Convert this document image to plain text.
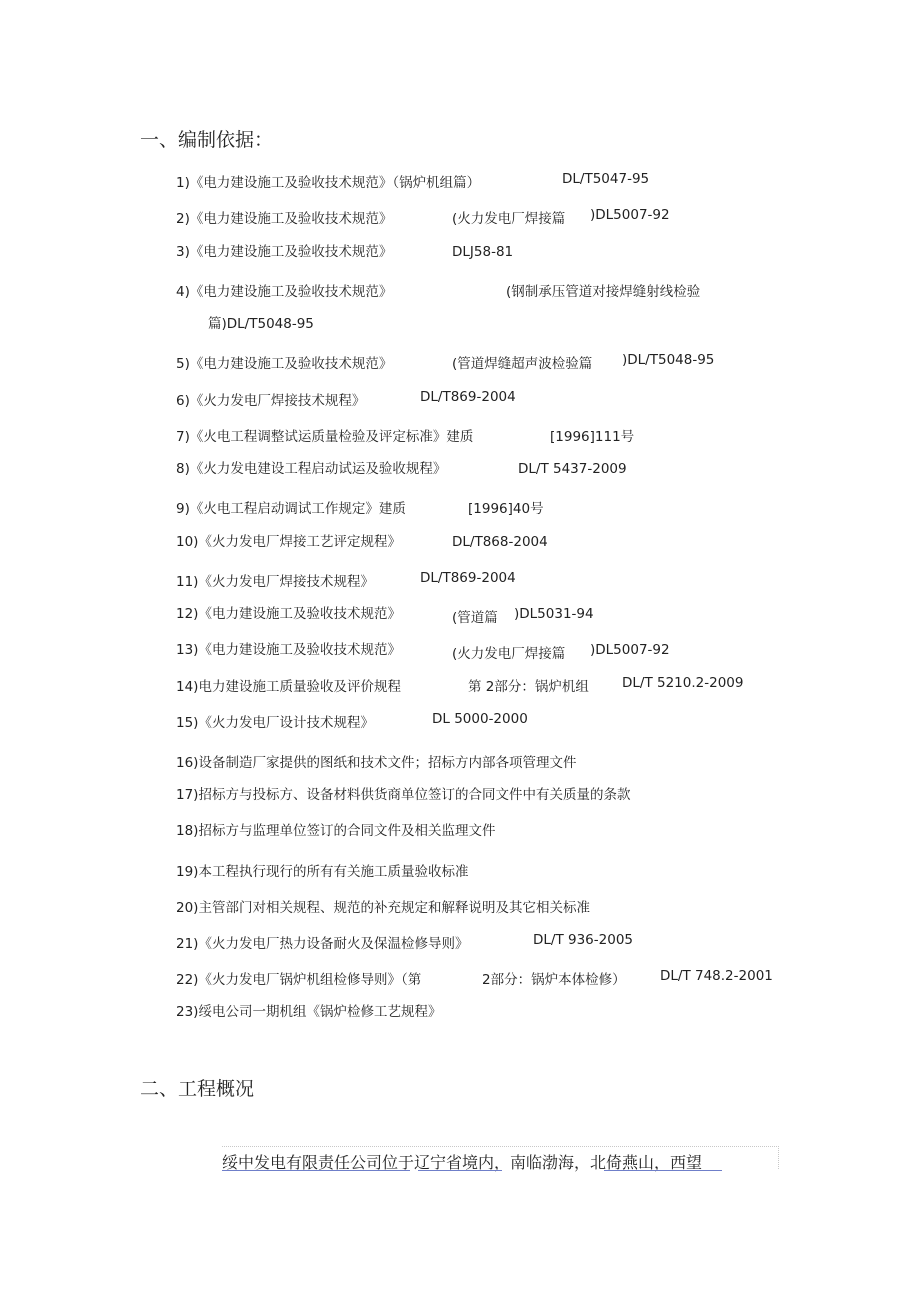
一、编制依据：
1)《电力建设施工及验收技术规范》（锅炉机组篇）	DL/T5047-95
2)《电力建设施工及验收技术规范》	(火力发电厂焊接篇 )DL5007-92
3)《电力建设施工及验收技术规范》	DLJ58-81
4)《电力建设施工及验收技术规范》	(钢制承压管道对接焊缝射线检验
篇)DL/T5048-95
5)《电力建设施工及验收技术规范》	(管道焊缝超声波检验篇 )DL/T5048-95
6)《火力发电厂焊接技术规程》	DL/T869-2004
7)《火电工程调整试运质量检验及评定标准》建质	[1996]111号
8)《火力发电建设工程启动试运及验收规程》	DL/T 5437-2009
9)《火电工程启动调试工作规定》建质	[1996]40号
10)《火力发电厂焊接工艺评定规程》	DL/T868-2004
11)《火力发电厂焊接技术规程》	DL/T869-2004
12)《电力建设施工及验收技术规范》	(管道篇 )DL5031-94
13)《电力建设施工及验收技术规范》	(火力发电厂焊接篇 )DL5007-92
14)电力建设施工质量验收及评价规程	第 2部分：锅炉机组 DL/T 5210.2-2009
15)《火力发电厂设计技术规程》	DL 5000-2000
16)设备制造厂家提供的图纸和技术文件；招标方内部各项管理文件
17)招标方与投标方、设备材料供货商单位签订的合同文件中有关质量的条款
18)招标方与监理单位签订的合同文件及相关监理文件
19)本工程执行现行的所有有关施工质量验收标准
20)主管部门对相关规程、规范的补充规定和解释说明及其它相关标准
21)《火力发电厂热力设备耐火及保温检修导则》	DL/T 936-2005
22)《火力发电厂锅炉机组检修导则》（第	2部分：锅炉本体检修）	DL/T 748.2-2001
23)绥电公司一期机组《锅炉检修工艺规程》
二、工程概况
绥中发电有限责任公司位于辽宁省境内，南临渤海，北倚燕山，西望
